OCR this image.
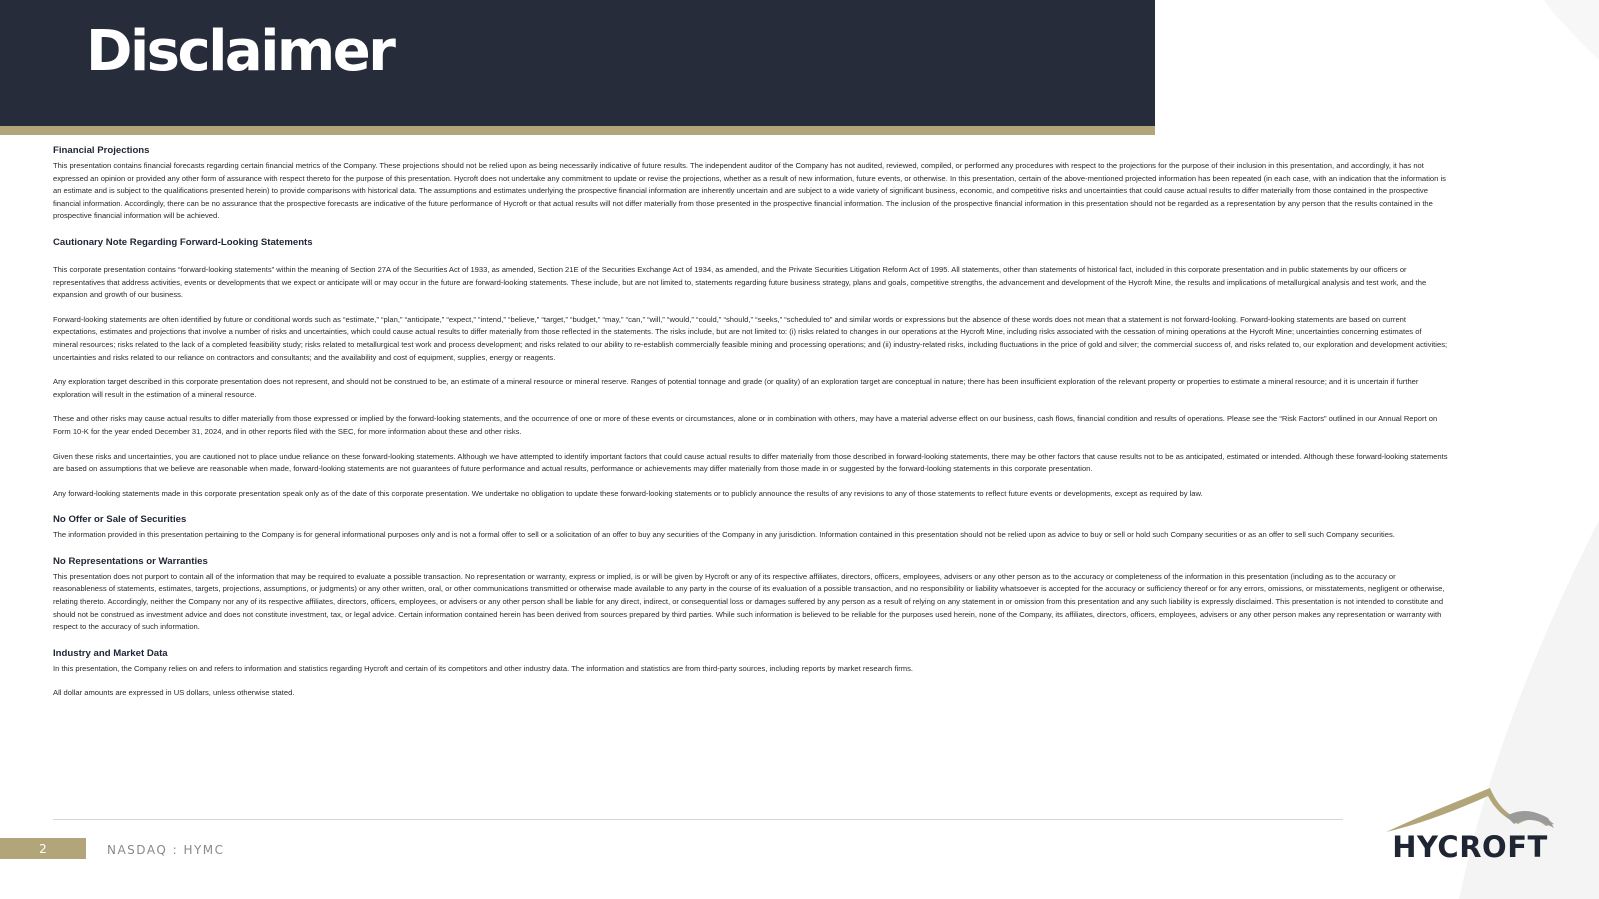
Disclaimer

Financial Projections

This presentation contains financial forecasts regarding certain financial metrics of the Company. These projections should not be relied upon as being necessarily indicative of future results. The independent auditor of the Company has not audited, reviewed, compiled, or performed any procedures with respect to the projections for the purpose of their inclusion in this presentation, and accordingly, it has not expressed an opinion or provided any other form of assurance with respect thereto for the purpose of this presentation. Hycroft does not undertake any commitment to update or revise the projections, whether as a result of new information, future events, or otherwise. In this presentation, certain of the above-mentioned projected information has been repeated (in each case, with an indication that the information is an estimate and is subject to the qualifications presented herein) to provide comparisons with historical data. The assumptions and estimates underlying the prospective financial information are inherently uncertain and are subject to a wide variety of significant business, economic, and competitive risks and uncertainties that could cause actual results to differ materially from those contained in the prospective financial information. Accordingly, there can be no assurance that the prospective forecasts are indicative of the future performance of Hycroft or that actual results will not differ materially from those presented in the prospective financial information. The inclusion of the prospective financial information in this presentation should not be regarded as a representation by any person that the results contained in the prospective financial information will be achieved.

Cautionary Note Regarding Forward-Looking Statements

This corporate presentation contains “forward-looking statements” within the meaning of Section 27A of the Securities Act of 1933, as amended, Section 21E of the Securities Exchange Act of 1934, as amended, and the Private Securities Litigation Reform Act of 1995. All statements, other than statements of historical fact, included in this corporate presentation and in public statements by our officers or representatives that address activities, events or developments that we expect or anticipate will or may occur in the future are forward-looking statements. These include, but are not limited to, statements regarding future business strategy, plans and goals, competitive strengths, the advancement and development of the Hycroft Mine, the results and implications of metallurgical analysis and test work, and the expansion and growth of our business.

Forward-looking statements are often identified by future or conditional words such as “estimate,” “plan,” “anticipate,” “expect,” “intend,” “believe,” “target,” “budget,” “may,” “can,” “will,” “would,” “could,” “should,” “seeks,” “scheduled to” and similar words or expressions but the absence of these words does not mean that a statement is not forward-looking. Forward-looking statements are based on current expectations, estimates and projections that involve a number of risks and uncertainties, which could cause actual results to differ materially from those reflected in the statements. The risks include, but are not limited to: (i) risks related to changes in our operations at the Hycroft Mine, including risks associated with the cessation of mining operations at the Hycroft Mine; uncertainties concerning estimates of mineral resources; risks related to the lack of a completed feasibility study; risks related to metallurgical test work and process development; and risks related to our ability to re-establish commercially feasible mining and processing operations; and (ii) industry-related risks, including fluctuations in the price of gold and silver; the commercial success of, and risks related to, our exploration and development activities; uncertainties and risks related to our reliance on contractors and consultants; and the availability and cost of equipment, supplies, energy or reagents.

Any exploration target described in this corporate presentation does not represent, and should not be construed to be, an estimate of a mineral resource or mineral reserve. Ranges of potential tonnage and grade (or quality) of an exploration target are conceptual in nature; there has been insufficient exploration of the relevant property or properties to estimate a mineral resource; and it is uncertain if further exploration will result in the estimation of a mineral resource.

These and other risks may cause actual results to differ materially from those expressed or implied by the forward-looking statements, and the occurrence of one or more of these events or circumstances, alone or in combination with others, may have a material adverse effect on our business, cash flows, financial condition and results of operations. Please see the “Risk Factors” outlined in our Annual Report on Form 10-K for the year ended December 31, 2024, and in other reports filed with the SEC, for more information about these and other risks.

Given these risks and uncertainties, you are cautioned not to place undue reliance on these forward-looking statements. Although we have attempted to identify important factors that could cause actual results to differ materially from those described in forward-looking statements, there may be other factors that cause results not to be as anticipated, estimated or intended. Although these forward-looking statements are based on assumptions that we believe are reasonable when made, forward-looking statements are not guarantees of future performance and actual results, performance or achievements may differ materially from those made in or suggested by the forward-looking statements in this corporate presentation.

Any forward-looking statements made in this corporate presentation speak only as of the date of this corporate presentation. We undertake no obligation to update these forward-looking statements or to publicly announce the results of any revisions to any of those statements to reflect future events or developments, except as required by law.

No Offer or Sale of Securities

The information provided in this presentation pertaining to the Company is for general informational purposes only and is not a formal offer to sell or a solicitation of an offer to buy any securities of the Company in any jurisdiction. Information contained in this presentation should not be relied upon as advice to buy or sell or hold such Company securities or as an offer to sell such Company securities.

No Representations or Warranties

This presentation does not purport to contain all of the information that may be required to evaluate a possible transaction. No representation or warranty, express or implied, is or will be given by Hycroft or any of its respective affiliates, directors, officers, employees, advisers or any other person as to the accuracy or completeness of the information in this presentation (including as to the accuracy or reasonableness of statements, estimates, targets, projections, assumptions, or judgments) or any other written, oral, or other communications transmitted or otherwise made available to any party in the course of its evaluation of a possible transaction, and no responsibility or liability whatsoever is accepted for the accuracy or sufficiency thereof or for any errors, omissions, or misstatements, negligent or otherwise, relating thereto. Accordingly, neither the Company nor any of its respective affiliates, directors, officers, employees, or advisers or any other person shall be liable for any direct, indirect, or consequential loss or damages suffered by any person as a result of relying on any statement in or omission from this presentation and any such liability is expressly disclaimed. This presentation is not intended to constitute and should not be construed as investment advice and does not constitute investment, tax, or legal advice. Certain information contained herein has been derived from sources prepared by third parties. While such information is believed to be reliable for the purposes used herein, none of the Company, its affiliates, directors, officers, employees, advisers or any other person makes any representation or warranty with respect to the accuracy of such information.

Industry and Market Data

In this presentation, the Company relies on and refers to information and statistics regarding Hycroft and certain of its competitors and other industry data. The information and statistics are from third-party sources, including reports by market research firms.

All dollar amounts are expressed in US dollars, unless otherwise stated.

2	NASDAQ : HYMC	HYCROFT
